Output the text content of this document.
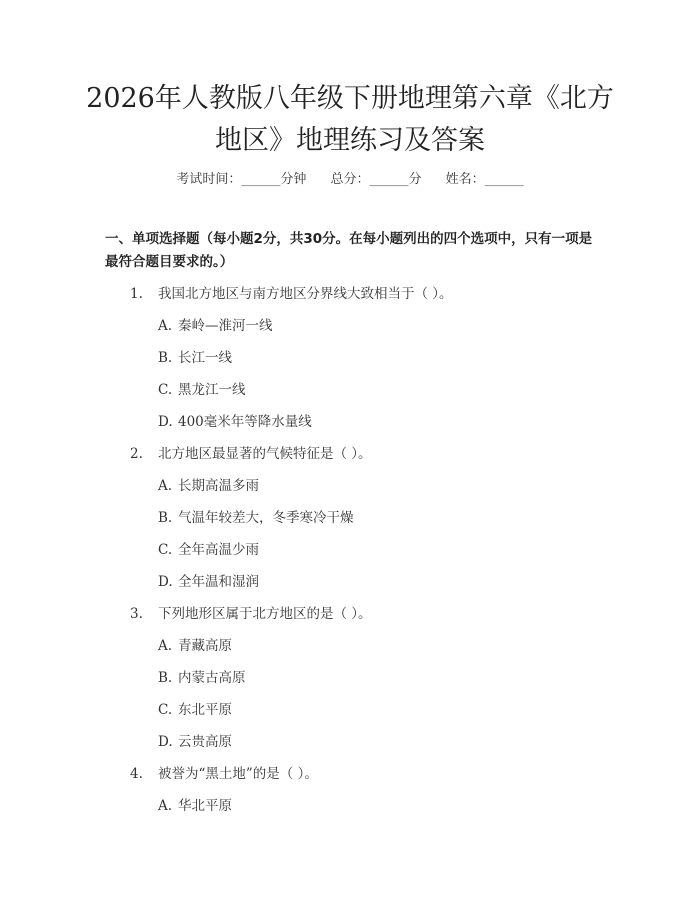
2026年人教版八年级下册地理第六章《北方
地区》地理练习及答案
考试时间：______分钟 总分：______分 姓名：______
一、单项选择题（每小题2分，共30分。在每小题列出的四个选项中，只有一项是最符合题目要求的。）
1. 我国北方地区与南方地区分界线大致相当于（ ）。
A. 秦岭—淮河一线
B. 长江一线
C. 黑龙江一线
D. 400毫米年等降水量线
2. 北方地区最显著的气候特征是（ ）。
A. 长期高温多雨
B. 气温年较差大，冬季寒冷干燥
C. 全年高温少雨
D. 全年温和湿润
3. 下列地形区属于北方地区的是（ ）。
A. 青藏高原
B. 内蒙古高原
C. 东北平原
D. 云贵高原
4. 被誉为“黑土地”的是（ ）。
A. 华北平原
